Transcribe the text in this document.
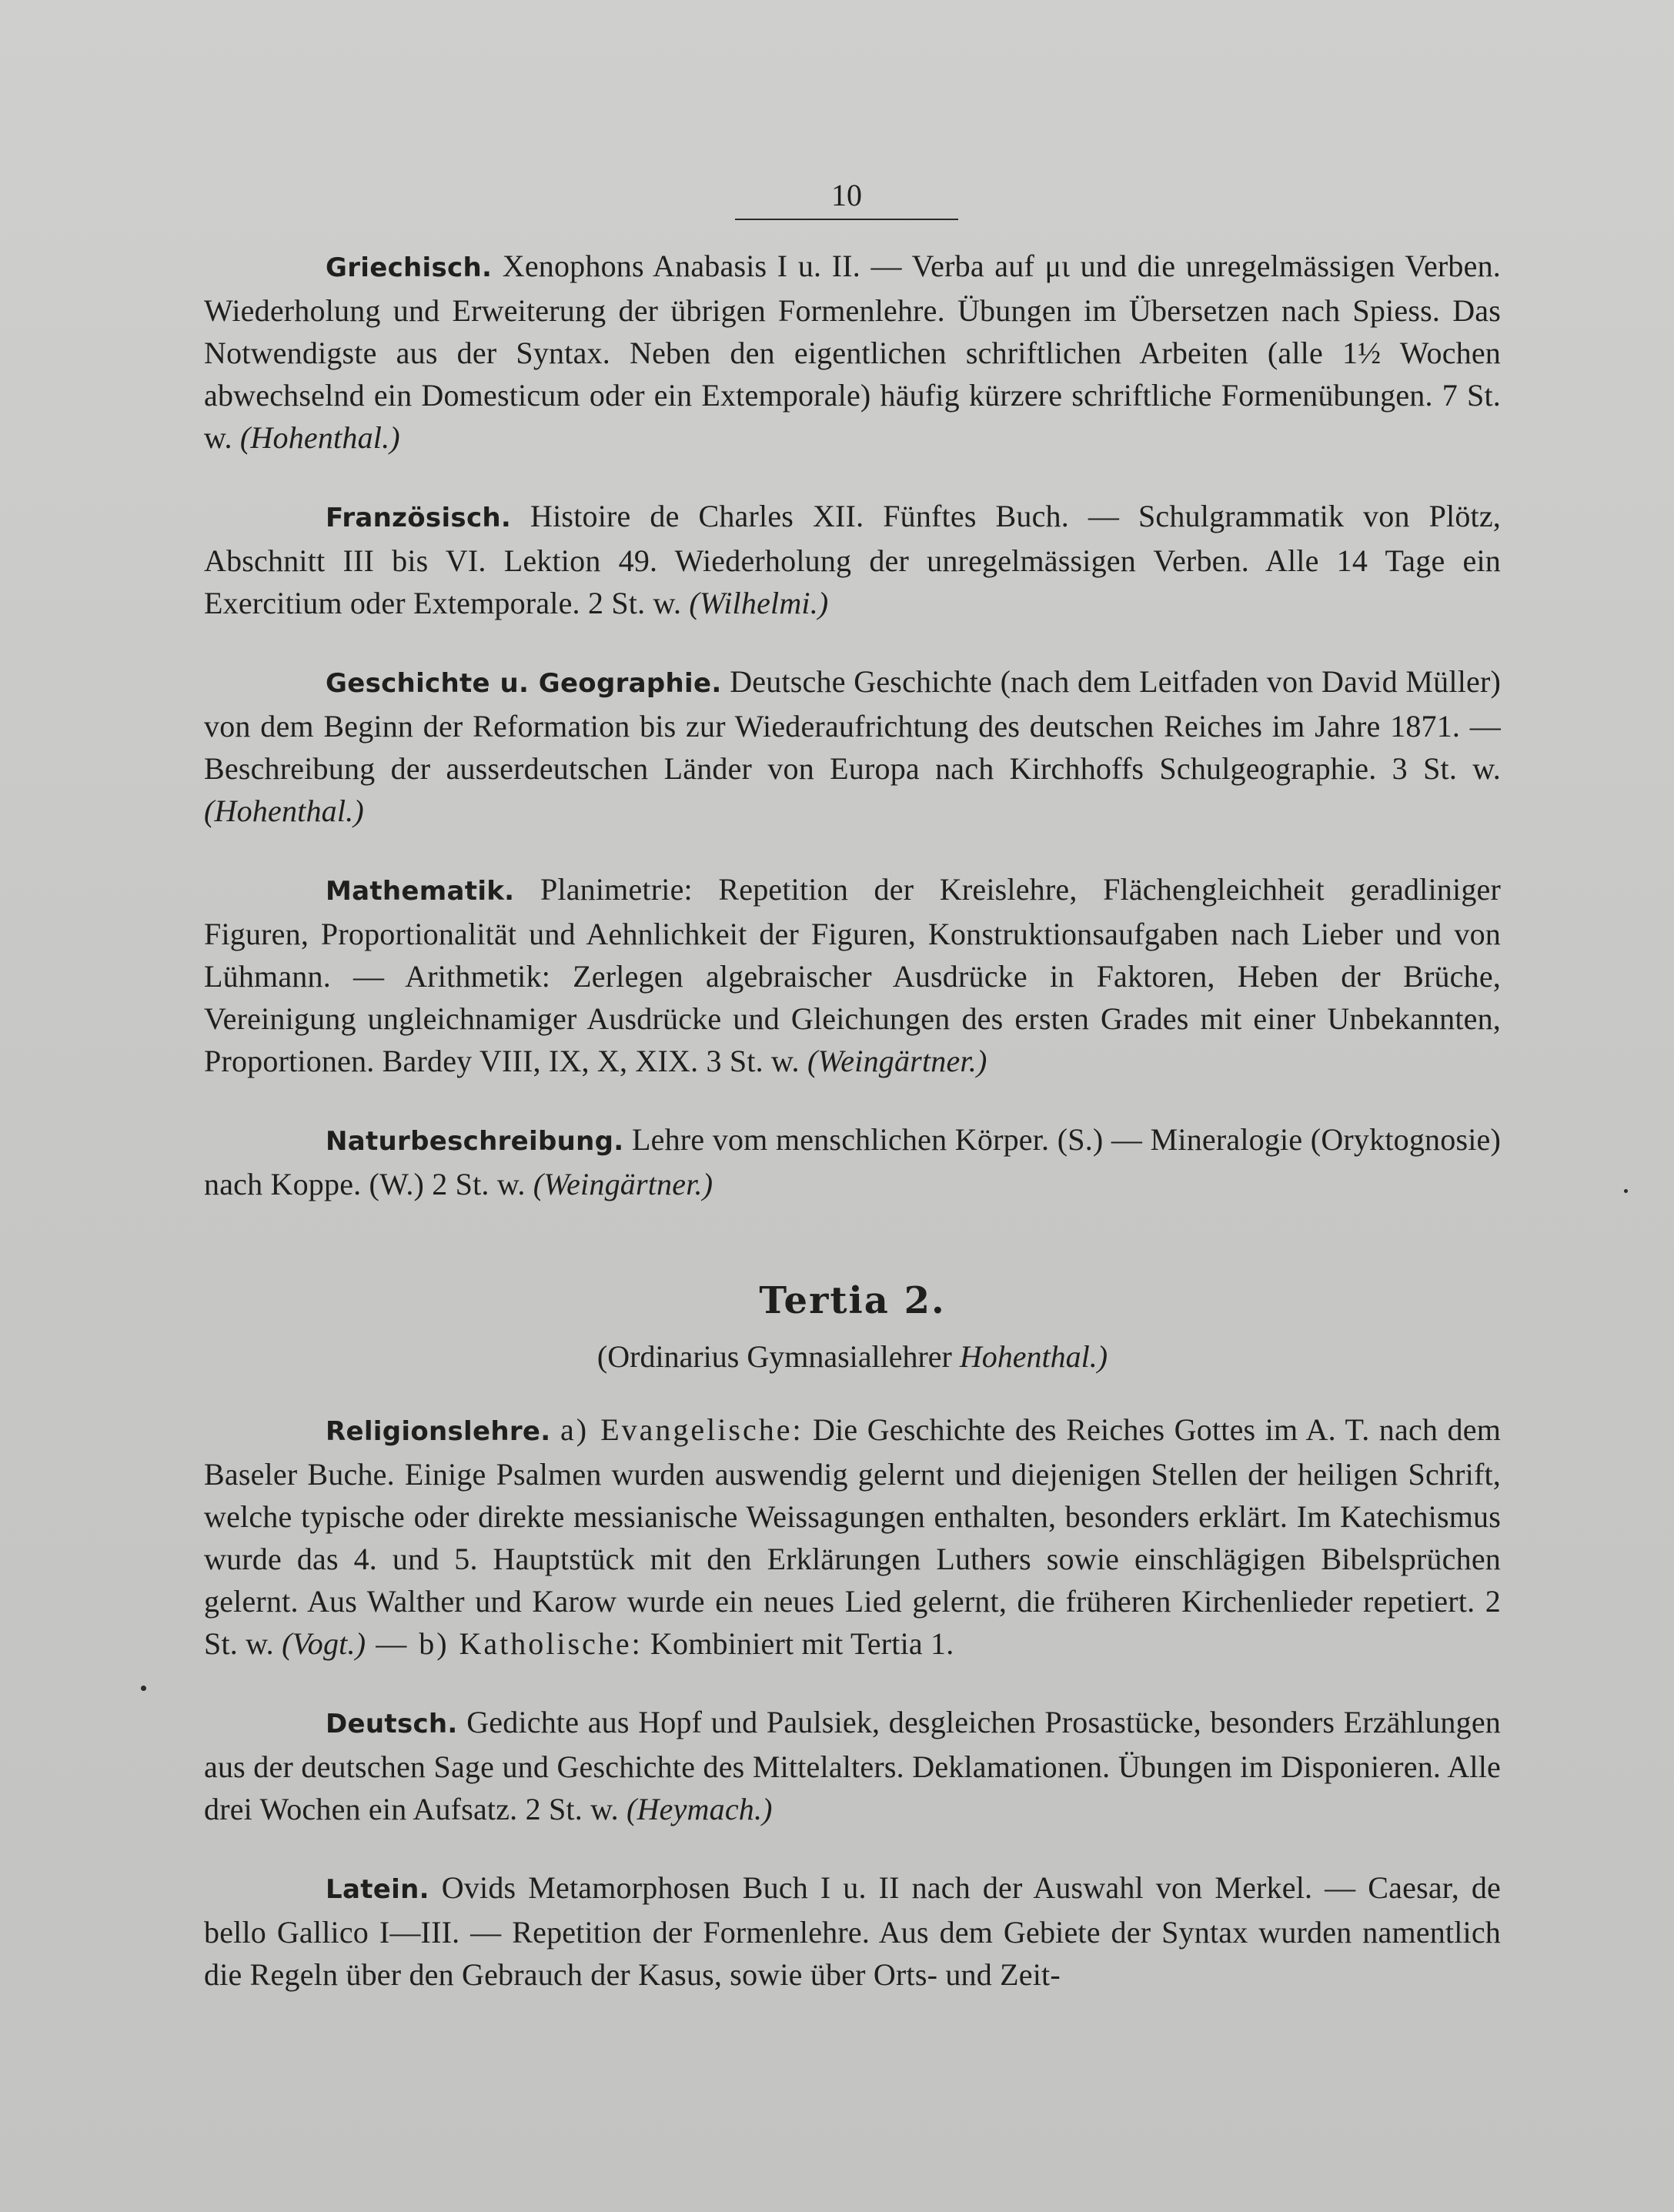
10

Griechisch. Xenophons Anabasis I u. II. — Verba auf μι und die unregelmässigen Verben. Wiederholung und Erweiterung der übrigen Formenlehre. Übungen im Übersetzen nach Spiess. Das Notwendigste aus der Syntax. Neben den eigentlichen schriftlichen Arbeiten (alle 1½ Wochen abwechselnd ein Domesticum oder ein Extemporale) häufig kürzere schriftliche Formenübungen. 7 St. w. (Hohenthal.)

Französisch. Histoire de Charles XII. Fünftes Buch. — Schulgrammatik von Plötz, Abschnitt III bis VI. Lektion 49. Wiederholung der unregelmässigen Verben. Alle 14 Tage ein Exercitium oder Extemporale. 2 St. w. (Wilhelmi.)

Geschichte u. Geographie. Deutsche Geschichte (nach dem Leitfaden von David Müller) von dem Beginn der Reformation bis zur Wiederaufrichtung des deutschen Reiches im Jahre 1871. — Beschreibung der ausserdeutschen Länder von Europa nach Kirchhoffs Schulgeographie. 3 St. w. (Hohenthal.)

Mathematik. Planimetrie: Repetition der Kreislehre, Flächengleichheit geradliniger Figuren, Proportionalität und Aehnlichkeit der Figuren, Konstruktionsaufgaben nach Lieber und von Lühmann. — Arithmetik: Zerlegen algebraischer Ausdrücke in Faktoren, Heben der Brüche, Vereinigung ungleichnamiger Ausdrücke und Gleichungen des ersten Grades mit einer Unbekannten, Proportionen. Bardey VIII, IX, X, XIX. 3 St. w. (Weingärtner.)

Naturbeschreibung. Lehre vom menschlichen Körper. (S.) — Mineralogie (Oryktognosie) nach Koppe. (W.) 2 St. w. (Weingärtner.)

Tertia 2.
(Ordinarius Gymnasiallehrer Hohenthal.)

Religionslehre. a) Evangelische: Die Geschichte des Reiches Gottes im A. T. nach dem Baseler Buche. Einige Psalmen wurden auswendig gelernt und diejenigen Stellen der heiligen Schrift, welche typische oder direkte messianische Weissagungen enthalten, besonders erklärt. Im Katechismus wurde das 4. und 5. Hauptstück mit den Erklärungen Luthers sowie einschlägigen Bibelsprüchen gelernt. Aus Walther und Karow wurde ein neues Lied gelernt, die früheren Kirchenlieder repetiert. 2 St. w. (Vogt.) — b) Katholische: Kombiniert mit Tertia 1.

Deutsch. Gedichte aus Hopf und Paulsiek, desgleichen Prosastücke, besonders Erzählungen aus der deutschen Sage und Geschichte des Mittelalters. Deklamationen. Übungen im Disponieren. Alle drei Wochen ein Aufsatz. 2 St. w. (Heymach.)

Latein. Ovids Metamorphosen Buch I u. II nach der Auswahl von Merkel. — Caesar, de bello Gallico I—III. — Repetition der Formenlehre. Aus dem Gebiete der Syntax wurden namentlich die Regeln über den Gebrauch der Kasus, sowie über Orts- und Zeit-
